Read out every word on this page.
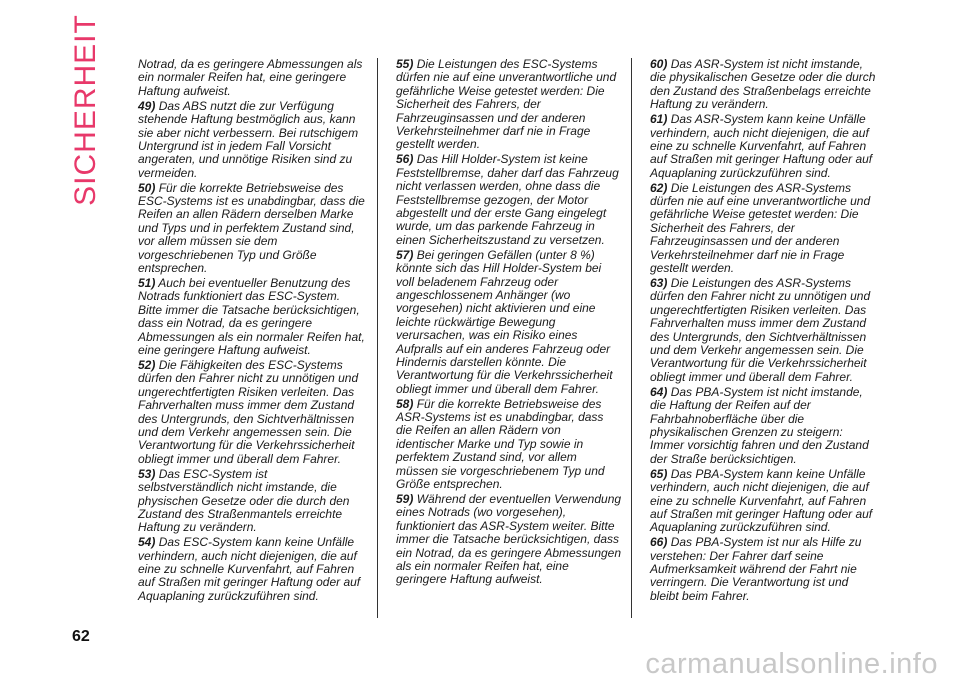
SICHERHEIT	Notrad, da es geringere Abmessungen als ein normaler Reifen hat, eine geringere Haftung aufweist.

49) Das ABS nutzt die zur Verfügung stehende Haftung bestmöglich aus, kann sie aber nicht verbessern. Bei rutschigem Untergrund ist in jedem Fall Vorsicht angeraten, und unnötige Risiken sind zu vermeiden.

50) Für die korrekte Betriebsweise des ESC-Systems ist es unabdingbar, dass die Reifen an allen Rädern derselben Marke und Typs und in perfektem Zustand sind, vor allem müssen sie dem vorgeschriebenen Typ und Größe entsprechen.

51) Auch bei eventueller Benutzung des Notrads funktioniert das ESC-System. Bitte immer die Tatsache berücksichtigen, dass ein Notrad, da es geringere Abmessungen als ein normaler Reifen hat, eine geringere Haftung aufweist.

52) Die Fähigkeiten des ESC-Systems dürfen den Fahrer nicht zu unnötigen und ungerechtfertigten Risiken verleiten. Das Fahrverhalten muss immer dem Zustand des Untergrunds, den Sichtverhältnissen und dem Verkehr angemessen sein. Die Verantwortung für die Verkehrssicherheit obliegt immer und überall dem Fahrer.

53) Das ESC-System ist selbstverständlich nicht imstande, die physischen Gesetze oder die durch den Zustand des Straßenmantels erreichte Haftung zu verändern.

54) Das ESC-System kann keine Unfälle verhindern, auch nicht diejenigen, die auf eine zu schnelle Kurvenfahrt, auf Fahren auf Straßen mit geringer Haftung oder auf Aquaplaning zurückzuführen sind.

55) Die Leistungen des ESC-Systems dürfen nie auf eine unverantwortliche und gefährliche Weise getestet werden: Die Sicherheit des Fahrers, der Fahrzeuginsassen und der anderen Verkehrsteilnehmer darf nie in Frage gestellt werden.

56) Das Hill Holder-System ist keine Feststellbremse, daher darf das Fahrzeug nicht verlassen werden, ohne dass die Feststellbremse gezogen, der Motor abgestellt und der erste Gang eingelegt wurde, um das parkende Fahrzeug in einen Sicherheitszustand zu versetzen.

57) Bei geringen Gefällen (unter 8 %) könnte sich das Hill Holder-System bei voll beladenem Fahrzeug oder angeschlossenem Anhänger (wo vorgesehen) nicht aktivieren und eine leichte rückwärtige Bewegung verursachen, was ein Risiko eines Aufpralls auf ein anderes Fahrzeug oder Hindernis darstellen könnte. Die Verantwortung für die Verkehrssicherheit obliegt immer und überall dem Fahrer.

58) Für die korrekte Betriebsweise des ASR-Systems ist es unabdingbar, dass die Reifen an allen Rädern von identischer Marke und Typ sowie in perfektem Zustand sind, vor allem müssen sie vorgeschriebenem Typ und Größe entsprechen.

59) Während der eventuellen Verwendung eines Notrads (wo vorgesehen), funktioniert das ASR-System weiter. Bitte immer die Tatsache berücksichtigen, dass ein Notrad, da es geringere Abmessungen als ein normaler Reifen hat, eine geringere Haftung aufweist.

60) Das ASR-System ist nicht imstande, die physikalischen Gesetze oder die durch den Zustand des Straßenbelags erreichte Haftung zu verändern.

61) Das ASR-System kann keine Unfälle verhindern, auch nicht diejenigen, die auf eine zu schnelle Kurvenfahrt, auf Fahren auf Straßen mit geringer Haftung oder auf Aquaplaning zurückzuführen sind.

62) Die Leistungen des ASR-Systems dürfen nie auf eine unverantwortliche und gefährliche Weise getestet werden: Die Sicherheit des Fahrers, der Fahrzeuginsassen und der anderen Verkehrsteilnehmer darf nie in Frage gestellt werden.

63) Die Leistungen des ASR-Systems dürfen den Fahrer nicht zu unnötigen und ungerechtfertigten Risiken verleiten. Das Fahrverhalten muss immer dem Zustand des Untergrunds, den Sichtverhältnissen und dem Verkehr angemessen sein. Die Verantwortung für die Verkehrssicherheit obliegt immer und überall dem Fahrer.

64) Das PBA-System ist nicht imstande, die Haftung der Reifen auf der Fahrbahnoberfläche über die physikalischen Grenzen zu steigern: Immer vorsichtig fahren und den Zustand der Straße berücksichtigen.

65) Das PBA-System kann keine Unfälle verhindern, auch nicht diejenigen, die auf eine zu schnelle Kurvenfahrt, auf Fahren auf Straßen mit geringer Haftung oder auf Aquaplaning zurückzuführen sind.

66) Das PBA-System ist nur als Hilfe zu verstehen: Der Fahrer darf seine Aufmerksamkeit während der Fahrt nie verringern. Die Verantwortung ist und bleibt beim Fahrer.

62
carmanualsonline.info
